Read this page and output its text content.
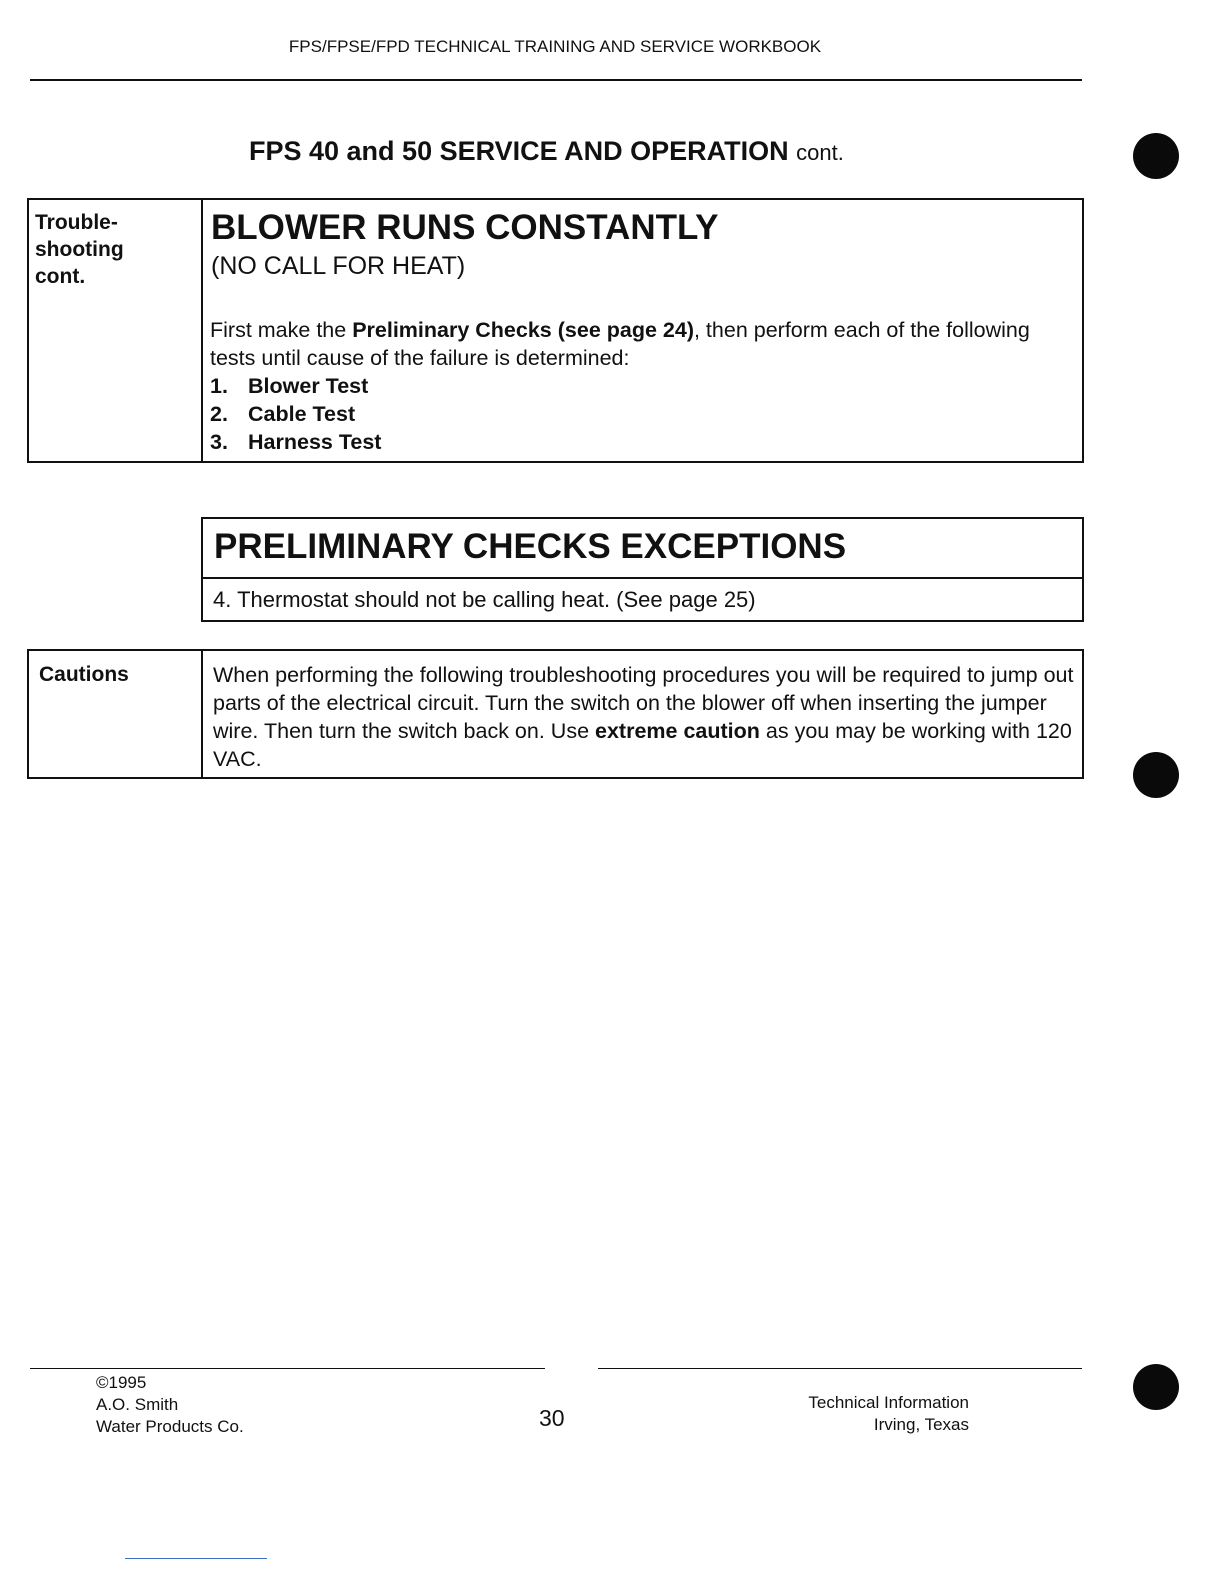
FPS/FPSE/FPD TECHNICAL TRAINING AND SERVICE WORKBOOK
FPS 40 and 50 SERVICE AND OPERATION cont.
Trouble-
shooting
cont.
BLOWER RUNS CONSTANTLY
(NO CALL FOR HEAT)
First make the Preliminary Checks (see page 24), then perform each of the following tests until cause of the failure is determined:
1. Blower Test
2. Cable Test
3. Harness Test
PRELIMINARY CHECKS EXCEPTIONS
4. Thermostat should not be calling heat. (See page 25)
Cautions	When performing the following troubleshooting procedures you will be required to jump out parts of the electrical circuit. Turn the switch on the blower off when inserting the jumper wire. Then turn the switch back on. Use extreme caution as you may be working with 120 VAC.
©1995
A.O. Smith
Water Products Co.	30
Technical Information
Irving, Texas
